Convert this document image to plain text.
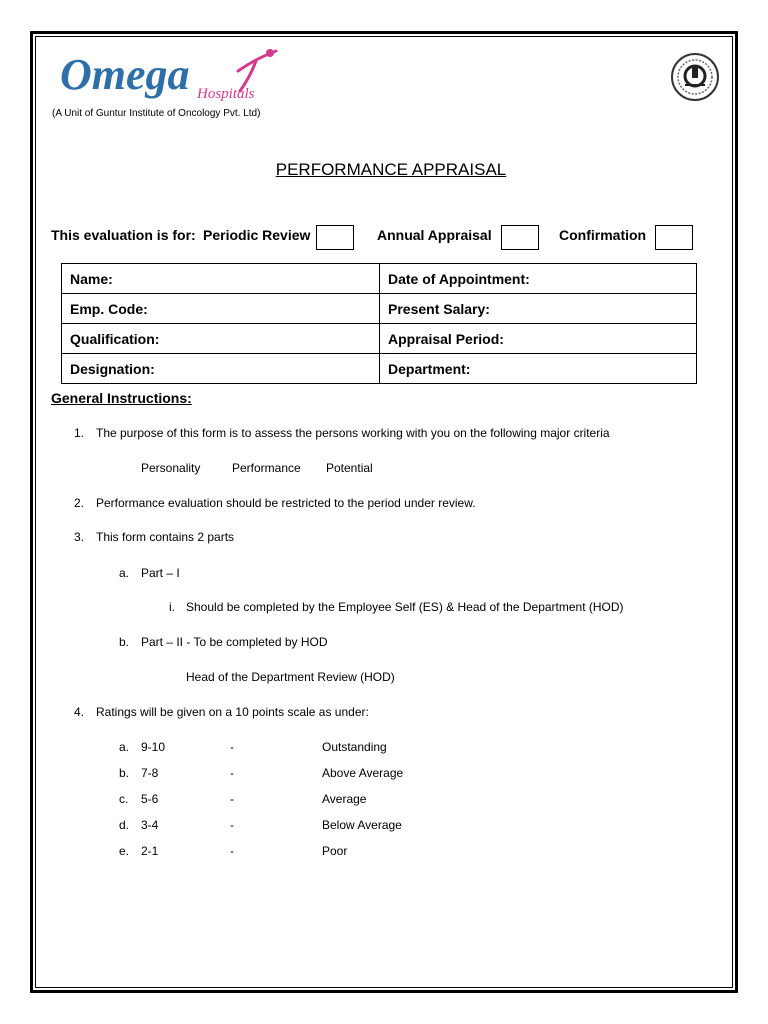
Omega Hospitals
(A Unit of Guntur Institute of Oncology Pvt. Ltd)
PERFORMANCE APPRAISAL
This evaluation is for: Periodic Review	Annual Appraisal	Confirmation
Name:	Date of Appointment:
Emp. Code:	Present Salary:
Qualification:	Appraisal Period:
Designation:	Department:
General Instructions:
1. The purpose of this form is to assess the persons working with you on the following major criteria
Personality	Performance Potential
2. Performance evaluation should be restricted to the period under review.
3. This form contains 2 parts
a. Part – I
i. Should be completed by the Employee Self (ES) & Head of the Department (HOD)
b. Part – II - To be completed by HOD
Head of the Department Review (HOD)
4. Ratings will be given on a 10 points scale as under:
a. 9-10	-	Outstanding
b. 7-8	-	Above Average
c. 5-6	-	Average
d. 3-4	-	Below Average
e. 2-1	-	Poor
